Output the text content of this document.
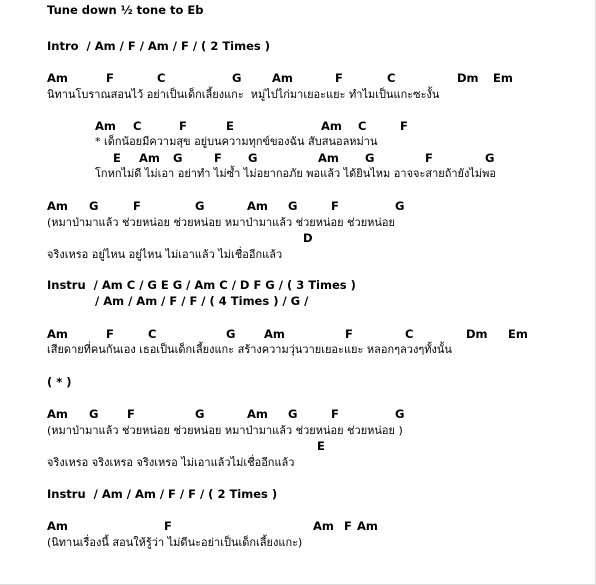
Tune down ½ tone to Eb
Intro  / Am / F / Am / F / ( 2 Times )
Am	F	C	G	Am	F	C	Dm Em
นิทานโบราณสอนไว้ อย่าเป็นเด็กเลี้ยงแกะ  หมู่ไปไก่มาเยอะแยะ ทำไมเป็นแกะซะงั้น
Am C	F	E	Am C	F
* เด็กน้อยมีความสุข อยู่บนความทุกข์ของฉัน สับสนอลหม่าน
E Am G	F G	Am G	F	G
โกหกไม่ดี ไม่เอา อย่าทำ ไม่ซ้ำ ไม่อยากอภัย พอแล้ว ได้ยินไหม อาจจะสายถ้ายังไม่พอ
Am G	F	G	Am G	F	G
(หมาป่ามาแล้ว ช่วยหน่อย ช่วยหน่อย หมาป่ามาแล้ว ช่วยหน่อย ช่วยหน่อย
D
จริงเหรอ อยู่ไหน อยู่ไหน ไม่เอาแล้ว ไม่เชื่ออีกแล้ว
Instru  / Am C / G E G / Am C / D F G / ( 3 Times )
/ Am / Am / F / F / ( 4 Times ) / G /
Am	F	C	G Am	F	C	Dm Em
เสียดายที่คนกันเอง เธอเป็นเด็กเลี้ยงแกะ สร้างความวุ่นวายเยอะแยะ หลอกๆลวงๆทั้งนั้น
( * )
Am G F	G	Am G	F	G
(หมาป่ามาแล้ว ช่วยหน่อย ช่วยหน่อย หมาป่ามาแล้ว ช่วยหน่อย ช่วยหน่อย )
E
จริงเหรอ จริงเหรอ จริงเหรอ ไม่เอาแล้วไม่เชื่ออีกแล้ว
Instru  / Am / Am / F / F / ( 2 Times )
Am	F	Am F Am
(นิทานเรื่องนี้ สอนให้รู้ว่า ไม่ดีนะอย่าเป็นเด็กเลี้ยงแกะ)
